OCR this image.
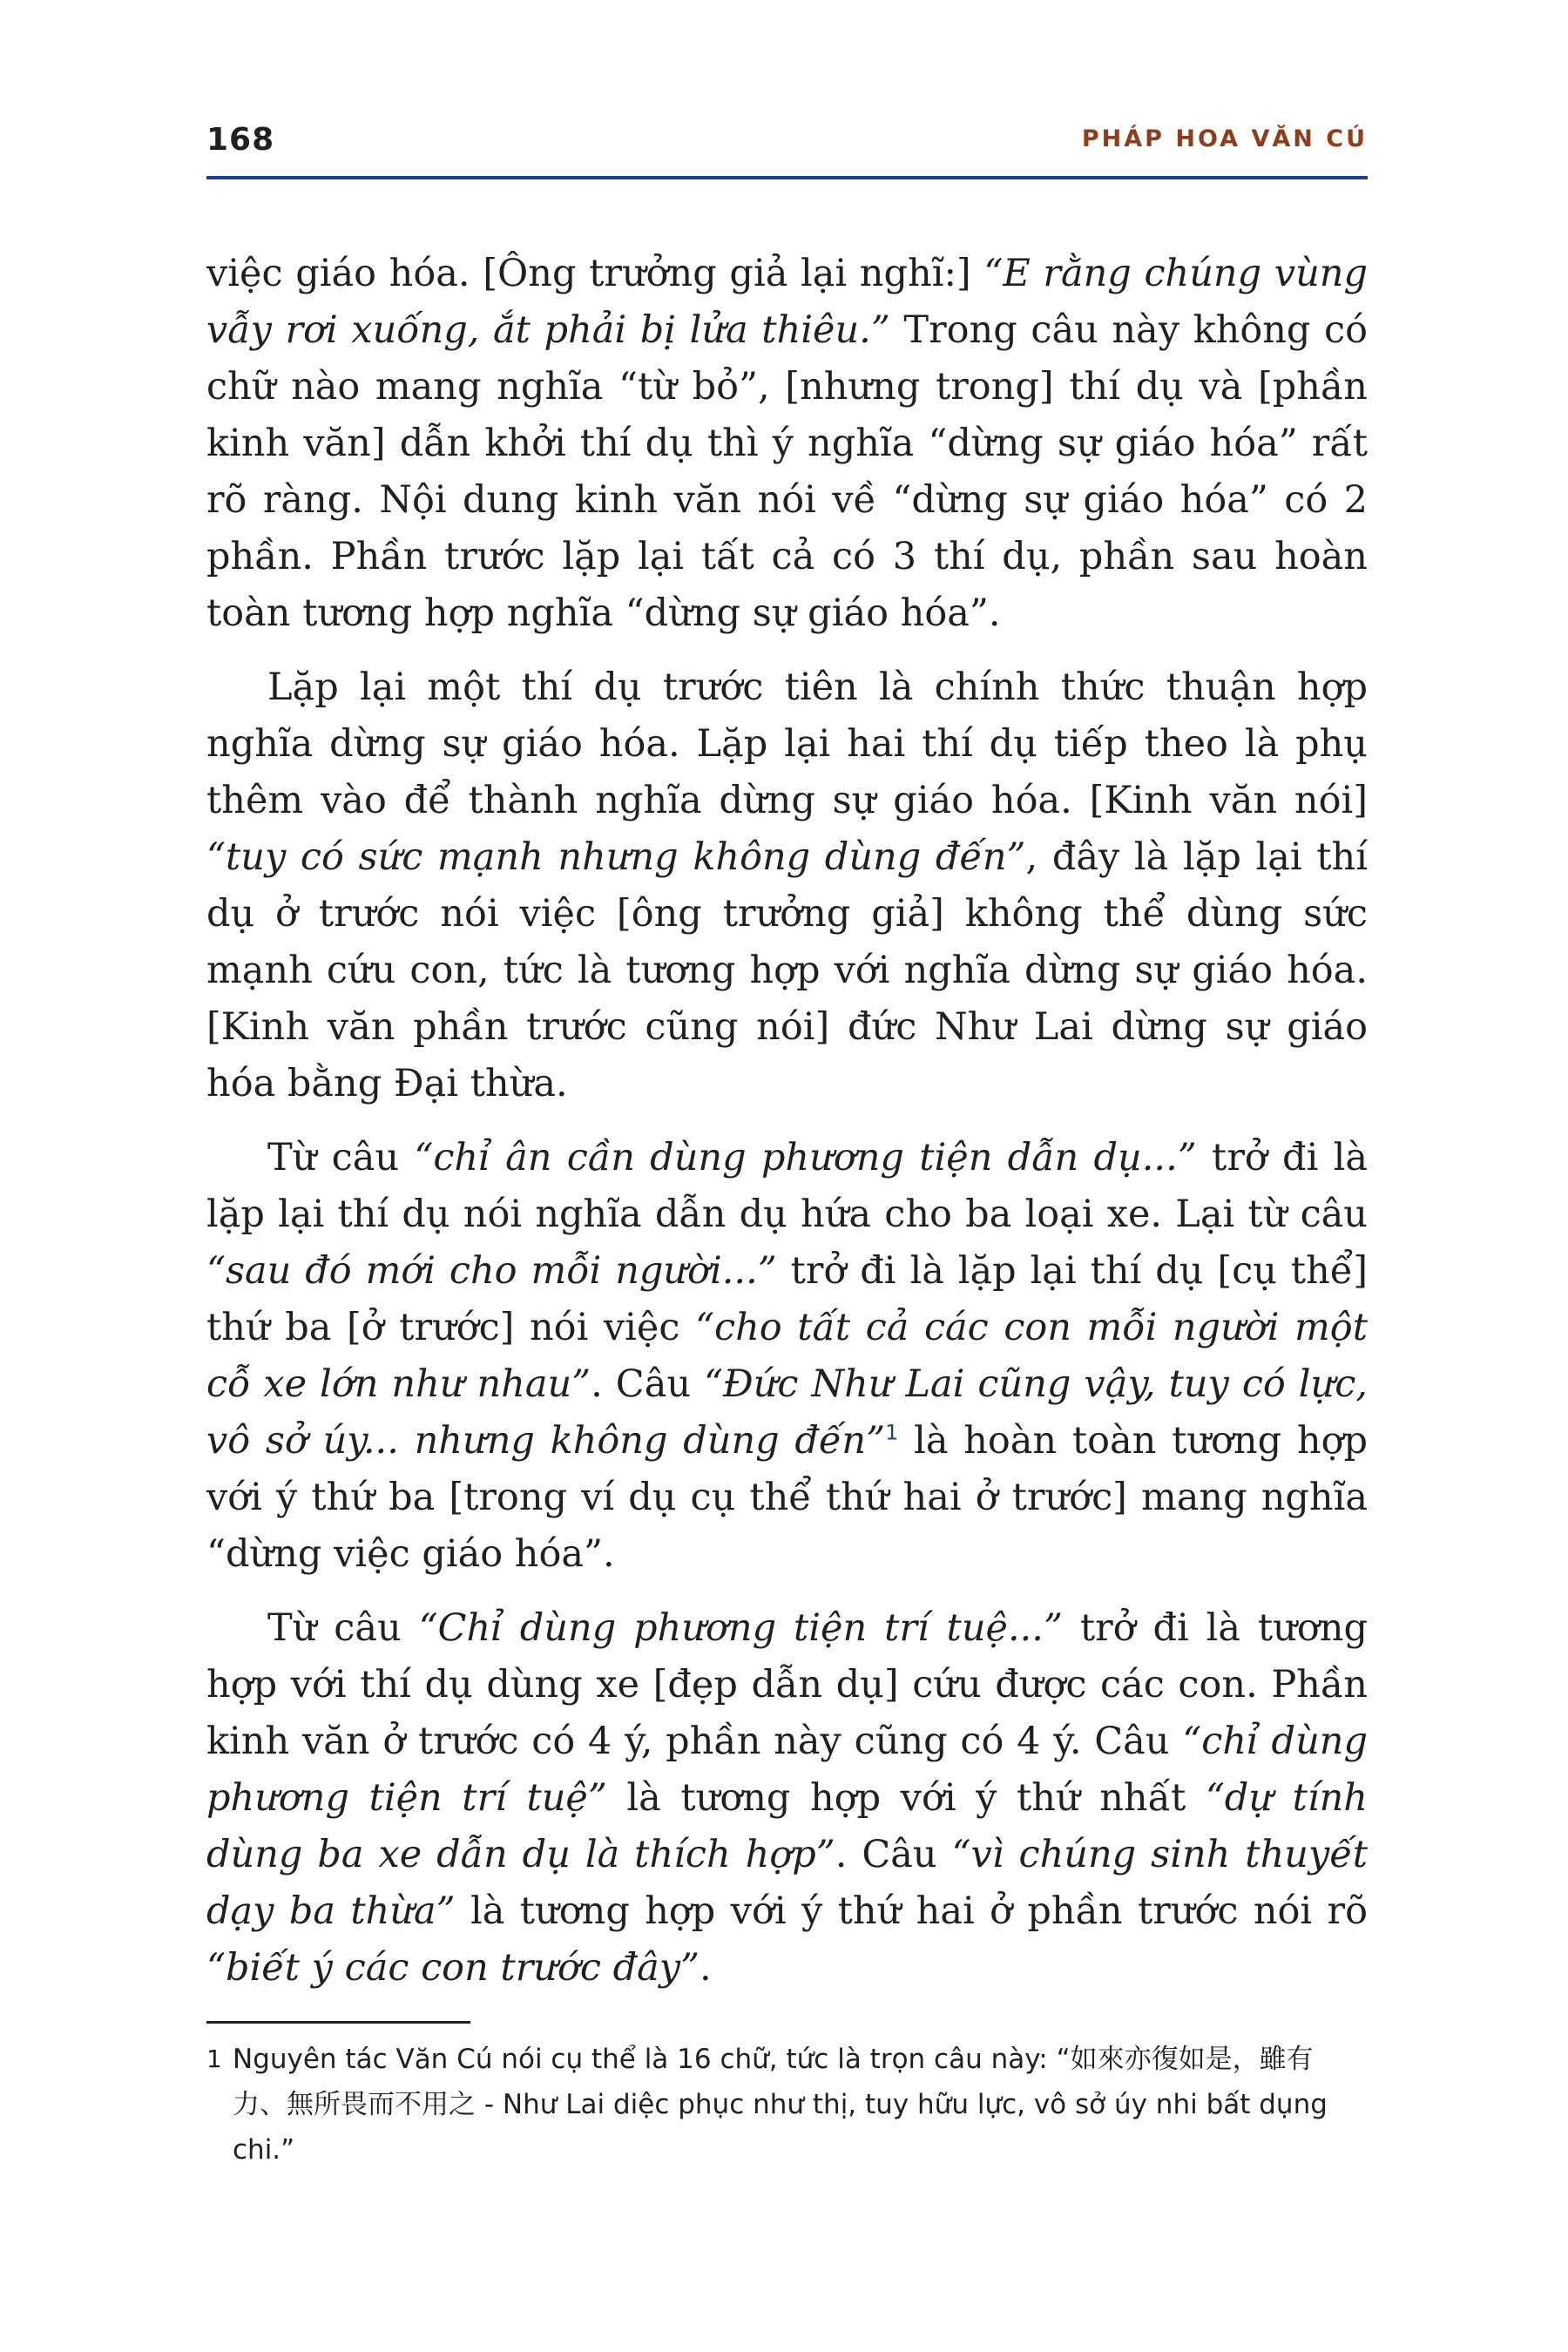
168	PHÁP HOA VĂN CÚ

việc giáo hóa. [Ông trưởng giả lại nghĩ:] “E rằng chúng vùng vẫy rơi xuống, ắt phải bị lửa thiêu.” Trong câu này không có chữ nào mang nghĩa “từ bỏ”, [nhưng trong] thí dụ và [phần kinh văn] dẫn khởi thí dụ thì ý nghĩa “dừng sự giáo hóa” rất rõ ràng. Nội dung kinh văn nói về “dừng sự giáo hóa” có 2 phần. Phần trước lặp lại tất cả có 3 thí dụ, phần sau hoàn toàn tương hợp nghĩa “dừng sự giáo hóa”.

Lặp lại một thí dụ trước tiên là chính thức thuận hợp nghĩa dừng sự giáo hóa. Lặp lại hai thí dụ tiếp theo là phụ thêm vào để thành nghĩa dừng sự giáo hóa. [Kinh văn nói] “tuy có sức mạnh nhưng không dùng đến”, đây là lặp lại thí dụ ở trước nói việc [ông trưởng giả] không thể dùng sức mạnh cứu con, tức là tương hợp với nghĩa dừng sự giáo hóa. [Kinh văn phần trước cũng nói] đức Như Lai dừng sự giáo hóa bằng Đại thừa.

Từ câu “chỉ ân cần dùng phương tiện dẫn dụ...” trở đi là lặp lại thí dụ nói nghĩa dẫn dụ hứa cho ba loại xe. Lại từ câu “sau đó mới cho mỗi người...” trở đi là lặp lại thí dụ [cụ thể] thứ ba [ở trước] nói việc “cho tất cả các con mỗi người một cỗ xe lớn như nhau”. Câu “Đức Như Lai cũng vậy, tuy có lực, vô sở úy... nhưng không dùng đến”$^1$ là hoàn toàn tương hợp với ý thứ ba [trong ví dụ cụ thể thứ hai ở trước] mang nghĩa “dừng việc giáo hóa”.

Từ câu “Chỉ dùng phương tiện trí tuệ...” trở đi là tương hợp với thí dụ dùng xe [đẹp dẫn dụ] cứu được các con. Phần kinh văn ở trước có 4 ý, phần này cũng có 4 ý. Câu “chỉ dùng phương tiện trí tuệ” là tương hợp với ý thứ nhất “dự tính dùng ba xe dẫn dụ là thích hợp”. Câu “vì chúng sinh thuyết dạy ba thừa” là tương hợp với ý thứ hai ở phần trước nói rõ “biết ý các con trước đây”.

1 Nguyên tác Văn Cú nói cụ thể là 16 chữ, tức là trọn câu này: “如來亦復如是，雖有力、無所畏而不用之 - Như Lai diệc phục như thị, tuy hữu lực, vô sở úy nhi bất dụng chi.”
